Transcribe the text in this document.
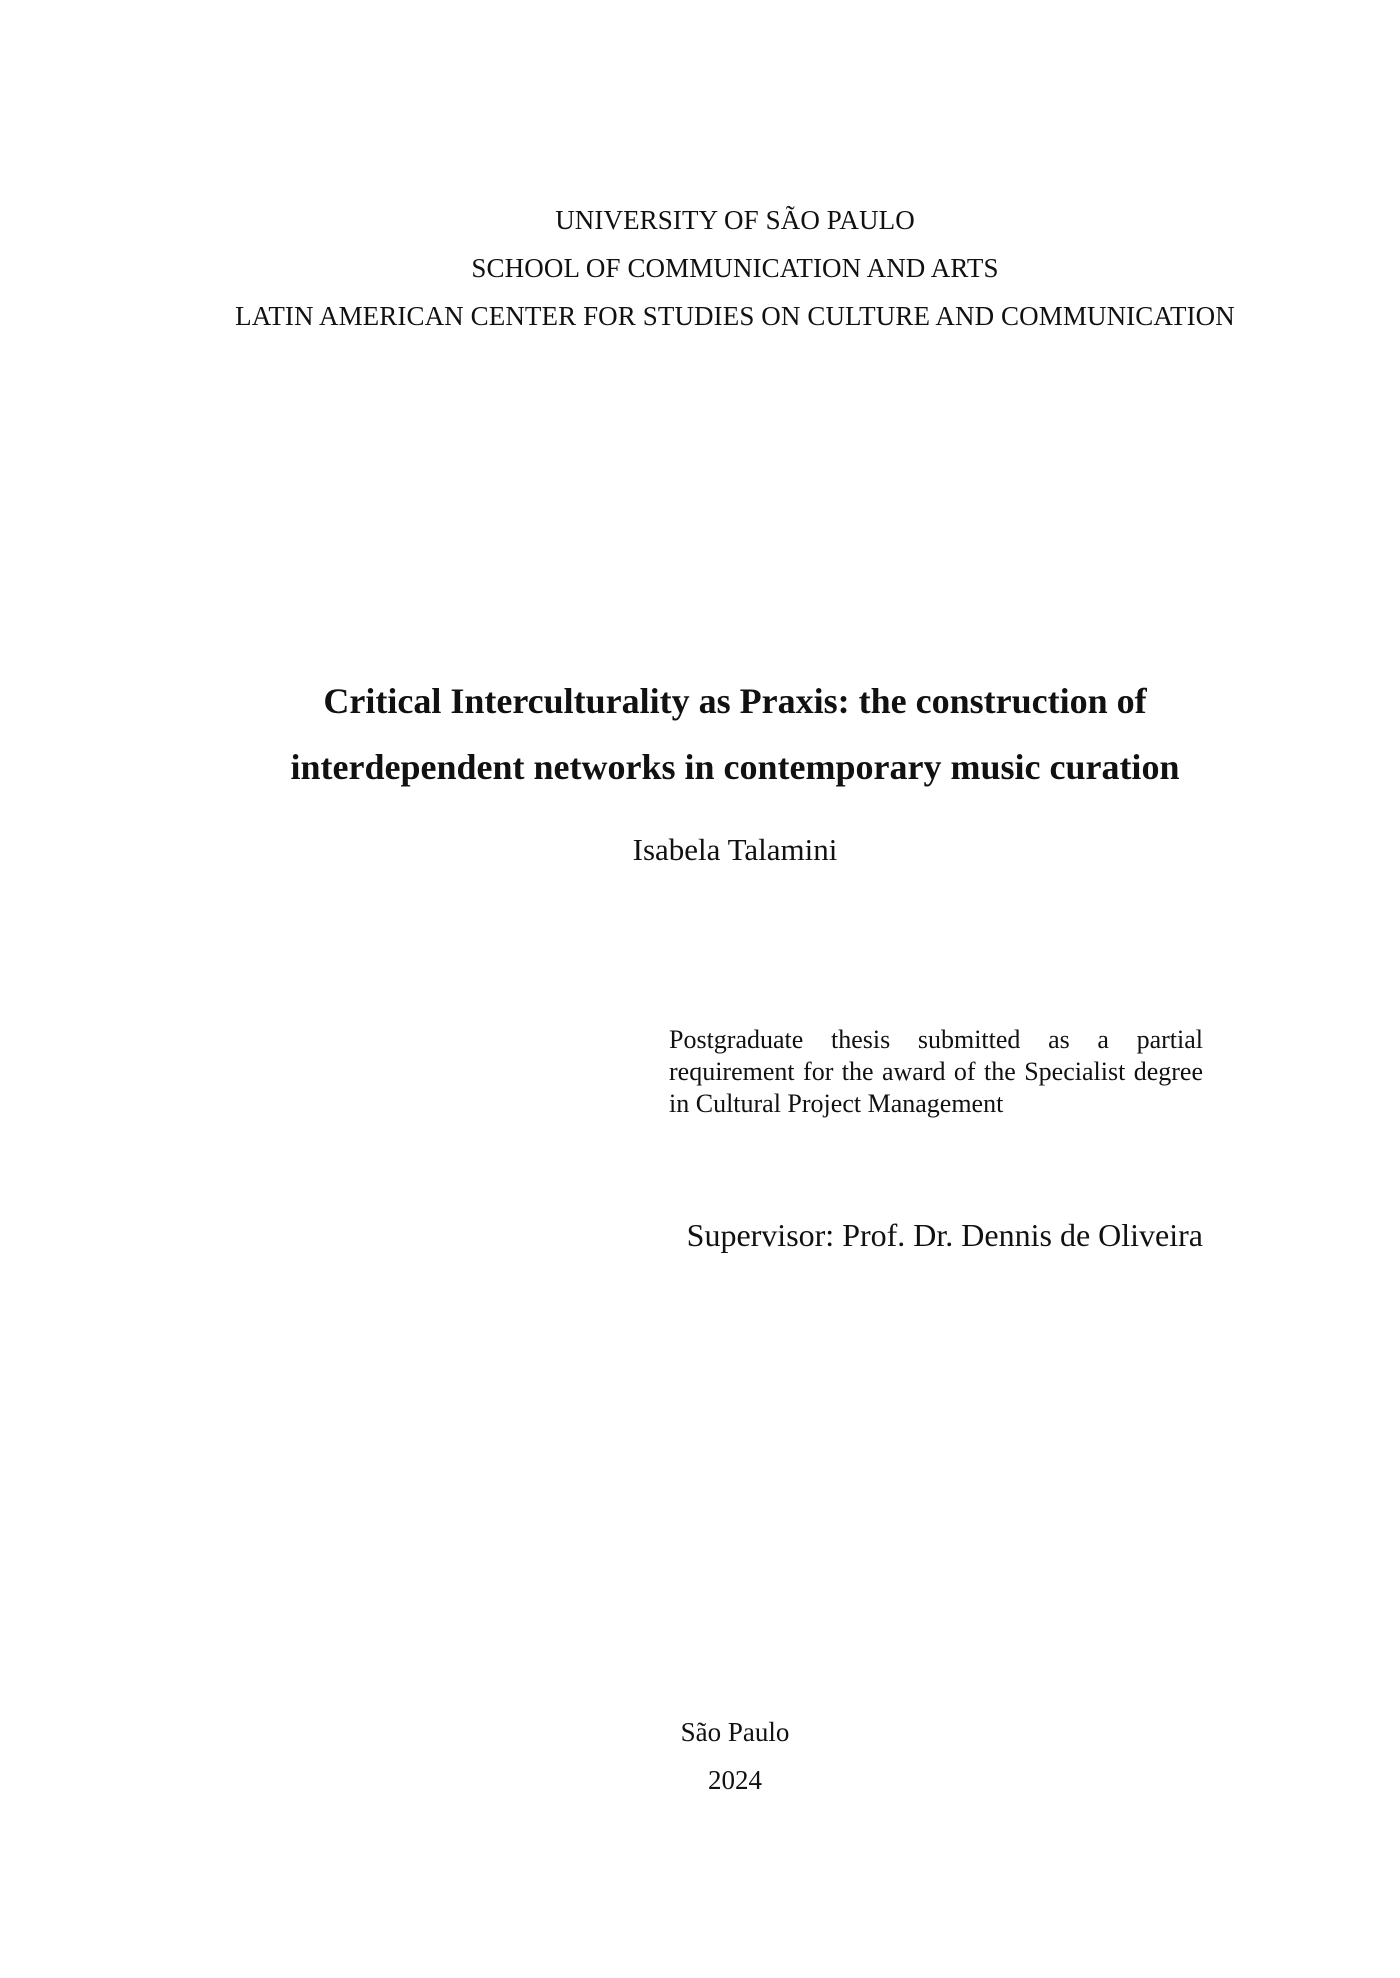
UNIVERSITY OF SÃO PAULO
SCHOOL OF COMMUNICATION AND ARTS
LATIN AMERICAN CENTER FOR STUDIES ON CULTURE AND COMMUNICATION
Critical Interculturality as Praxis: the construction of
interdependent networks in contemporary music curation
Isabela Talamini
Postgraduate thesis submitted as a partial requirement for the award of the Specialist degree in Cultural Project Management
Supervisor: Prof. Dr. Dennis de Oliveira
São Paulo
2024
